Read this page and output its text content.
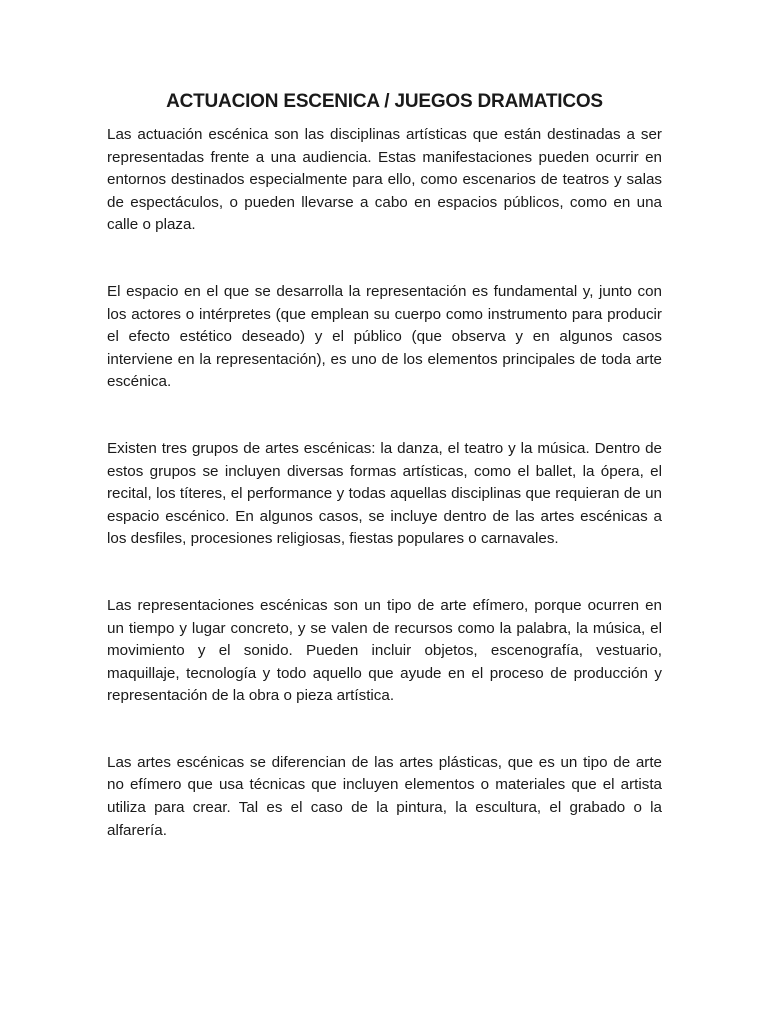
ACTUACION ESCENICA / JUEGOS DRAMATICOS

Las actuación escénica son las disciplinas artísticas que están destinadas a ser representadas frente a una audiencia. Estas manifestaciones pueden ocurrir en entornos destinados especialmente para ello, como escenarios de teatros y salas de espectáculos, o pueden llevarse a cabo en espacios públicos, como en una calle o plaza.

El espacio en el que se desarrolla la representación es fundamental y, junto con los actores o intérpretes (que emplean su cuerpo como instrumento para producir el efecto estético deseado) y el público (que observa y en algunos casos interviene en la representación), es uno de los elementos principales de toda arte escénica.

Existen tres grupos de artes escénicas: la danza, el teatro y la música. Dentro de estos grupos se incluyen diversas formas artísticas, como el ballet, la ópera, el recital, los títeres, el performance y todas aquellas disciplinas que requieran de un espacio escénico. En algunos casos, se incluye dentro de las artes escénicas a los desfiles, procesiones religiosas, fiestas populares o carnavales.

Las representaciones escénicas son un tipo de arte efímero, porque ocurren en un tiempo y lugar concreto, y se valen de recursos como la palabra, la música, el movimiento y el sonido. Pueden incluir objetos, escenografía, vestuario, maquillaje, tecnología y todo aquello que ayude en el proceso de producción y representación de la obra o pieza artística.

Las artes escénicas se diferencian de las artes plásticas, que es un tipo de arte no efímero que usa técnicas que incluyen elementos o materiales que el artista utiliza para crear. Tal es el caso de la pintura, la escultura, el grabado o la alfarería.
